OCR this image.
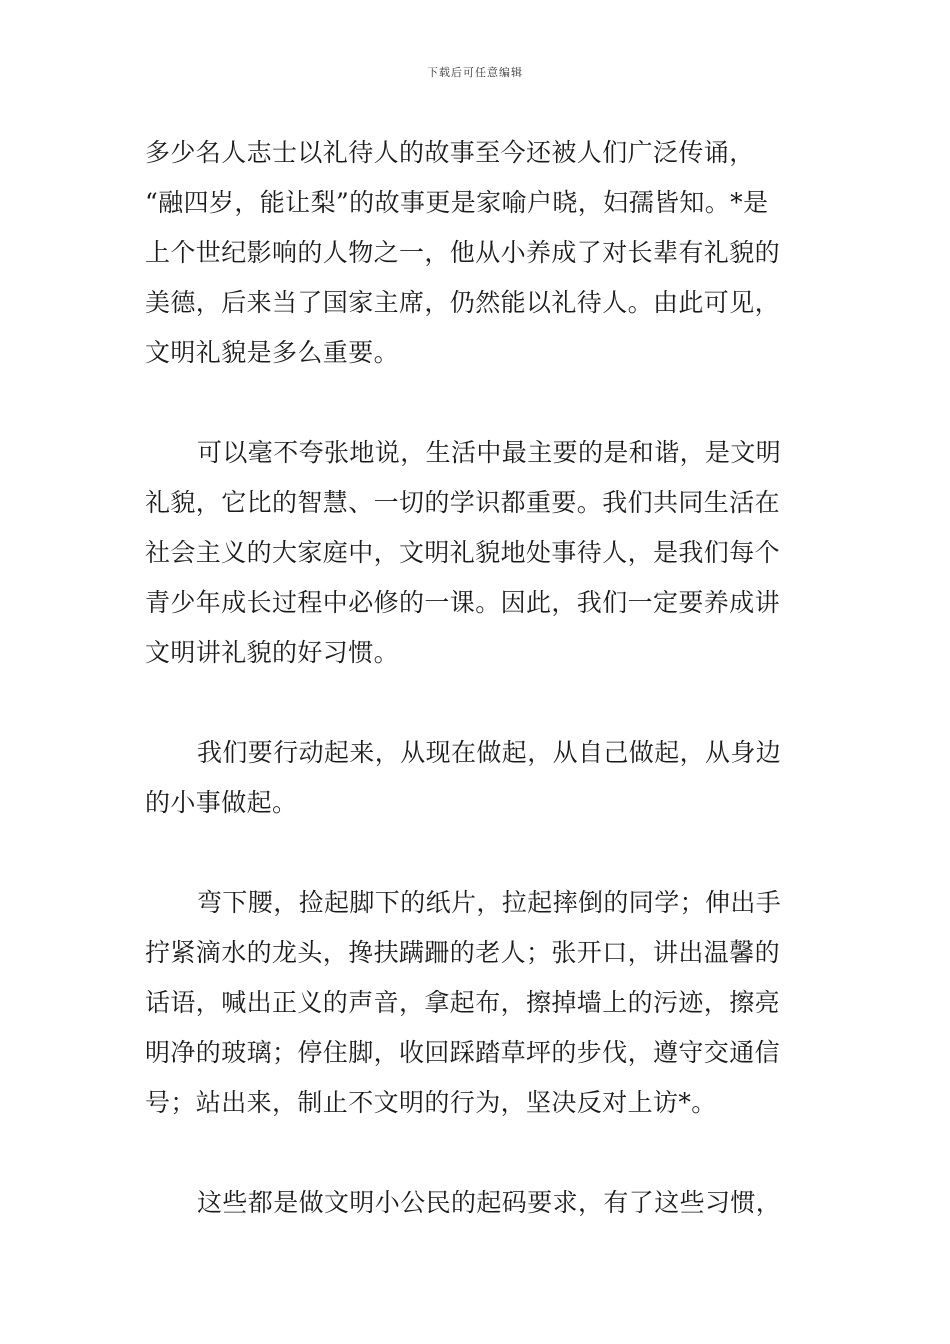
下载后可任意编辑
多少名人志士以礼待人的故事至今还被人们广泛传诵，
“融四岁，能让梨”的故事更是家喻户晓，妇孺皆知。*是
上个世纪影响的人物之一，他从小养成了对长辈有礼貌的
美德，后来当了国家主席，仍然能以礼待人。由此可见，
文明礼貌是多么重要。
可以毫不夸张地说，生活中最主要的是和谐，是文明
礼貌，它比的智慧、一切的学识都重要。我们共同生活在
社会主义的大家庭中，文明礼貌地处事待人，是我们每个
青少年成长过程中必修的一课。因此，我们一定要养成讲
文明讲礼貌的好习惯。
我们要行动起来，从现在做起，从自己做起，从身边
的小事做起。
弯下腰，捡起脚下的纸片，拉起摔倒的同学；伸出手
拧紧滴水的龙头，搀扶蹒跚的老人；张开口，讲出温馨的
话语，喊出正义的声音，拿起布，擦掉墙上的污迹，擦亮
明净的玻璃；停住脚，收回踩踏草坪的步伐，遵守交通信
号；站出来，制止不文明的行为，坚决反对上访*。
这些都是做文明小公民的起码要求，有了这些习惯，
